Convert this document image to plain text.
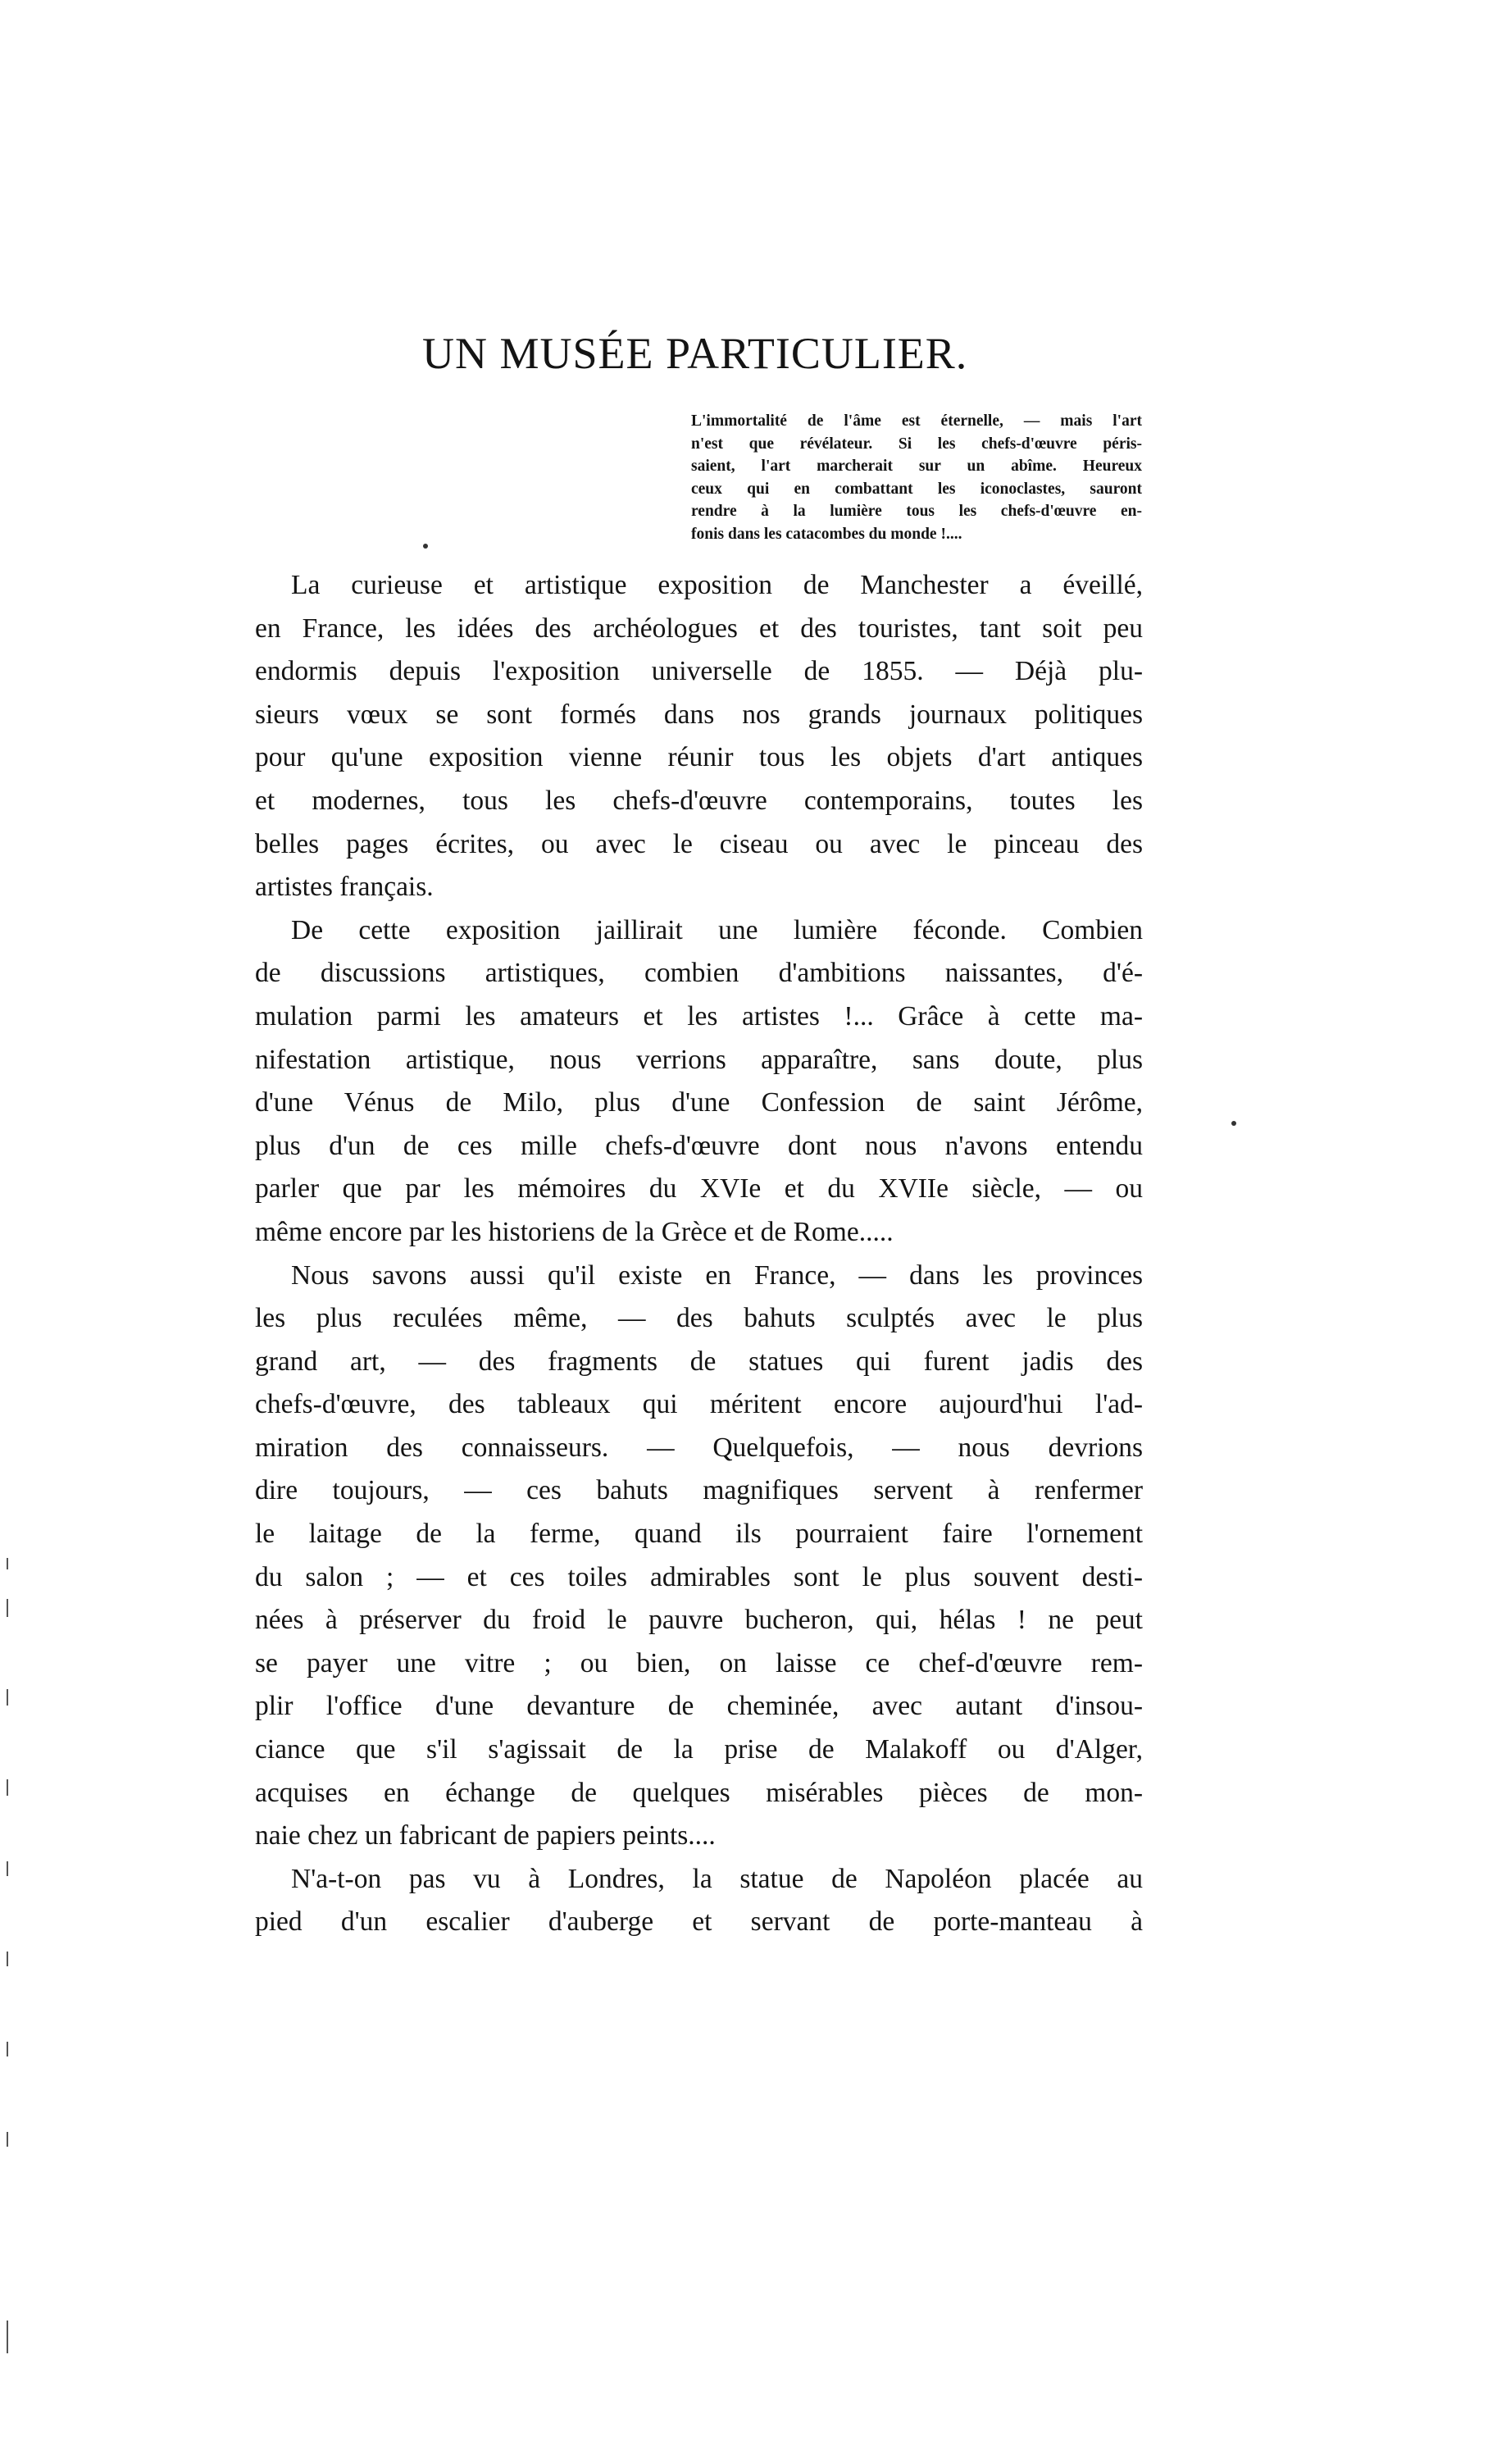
UN MUSÉE PARTICULIER.
L'immortalité de l'âme est éternelle, — mais l'art
n'est que révélateur. Si les chefs-d'œuvre péris-
saient, l'art marcherait sur un abîme. Heureux
ceux qui en combattant les iconoclastes, sauront
rendre à la lumière tous les chefs-d'œuvre en-
fonis dans les catacombes du monde !....

La curieuse et artistique exposition de Manchester a éveillé,
en France, les idées des archéologues et des touristes, tant soit peu
endormis depuis l'exposition universelle de 1855. — Déjà plu-
sieurs vœux se sont formés dans nos grands journaux politiques
pour qu'une exposition vienne réunir tous les objets d'art antiques
et modernes, tous les chefs-d'œuvre contemporains, toutes les
belles pages écrites, ou avec le ciseau ou avec le pinceau des
artistes français.

De cette exposition jaillirait une lumière féconde. Combien
de discussions artistiques, combien d'ambitions naissantes, d'é-
mulation parmi les amateurs et les artistes !... Grâce à cette ma-
nifestation artistique, nous verrions apparaître, sans doute, plus
d'une Vénus de Milo, plus d'une Confession de saint Jérôme,
plus d'un de ces mille chefs-d'œuvre dont nous n'avons entendu
parler que par les mémoires du XVIe et du XVIIe siècle, — ou
même encore par les historiens de la Grèce et de Rome.....

Nous savons aussi qu'il existe en France, — dans les provinces
les plus reculées même, — des bahuts sculptés avec le plus
grand art, — des fragments de statues qui furent jadis des
chefs-d'œuvre, des tableaux qui méritent encore aujourd'hui l'ad-
miration des connaisseurs. — Quelquefois, — nous devrions
dire toujours, — ces bahuts magnifiques servent à renfermer
le laitage de la ferme, quand ils pourraient faire l'ornement
du salon ; — et ces toiles admirables sont le plus souvent desti-
nées à préserver du froid le pauvre bucheron, qui, hélas ! ne peut
se payer une vitre ; ou bien, on laisse ce chef-d'œuvre rem-
plir l'office d'une devanture de cheminée, avec autant d'insou-
ciance que s'il s'agissait de la prise de Malakoff ou d'Alger,
acquises en échange de quelques misérables pièces de mon-
naie chez un fabricant de papiers peints....

N'a-t-on pas vu à Londres, la statue de Napoléon placée au
pied d'un escalier d'auberge et servant de porte-manteau à
